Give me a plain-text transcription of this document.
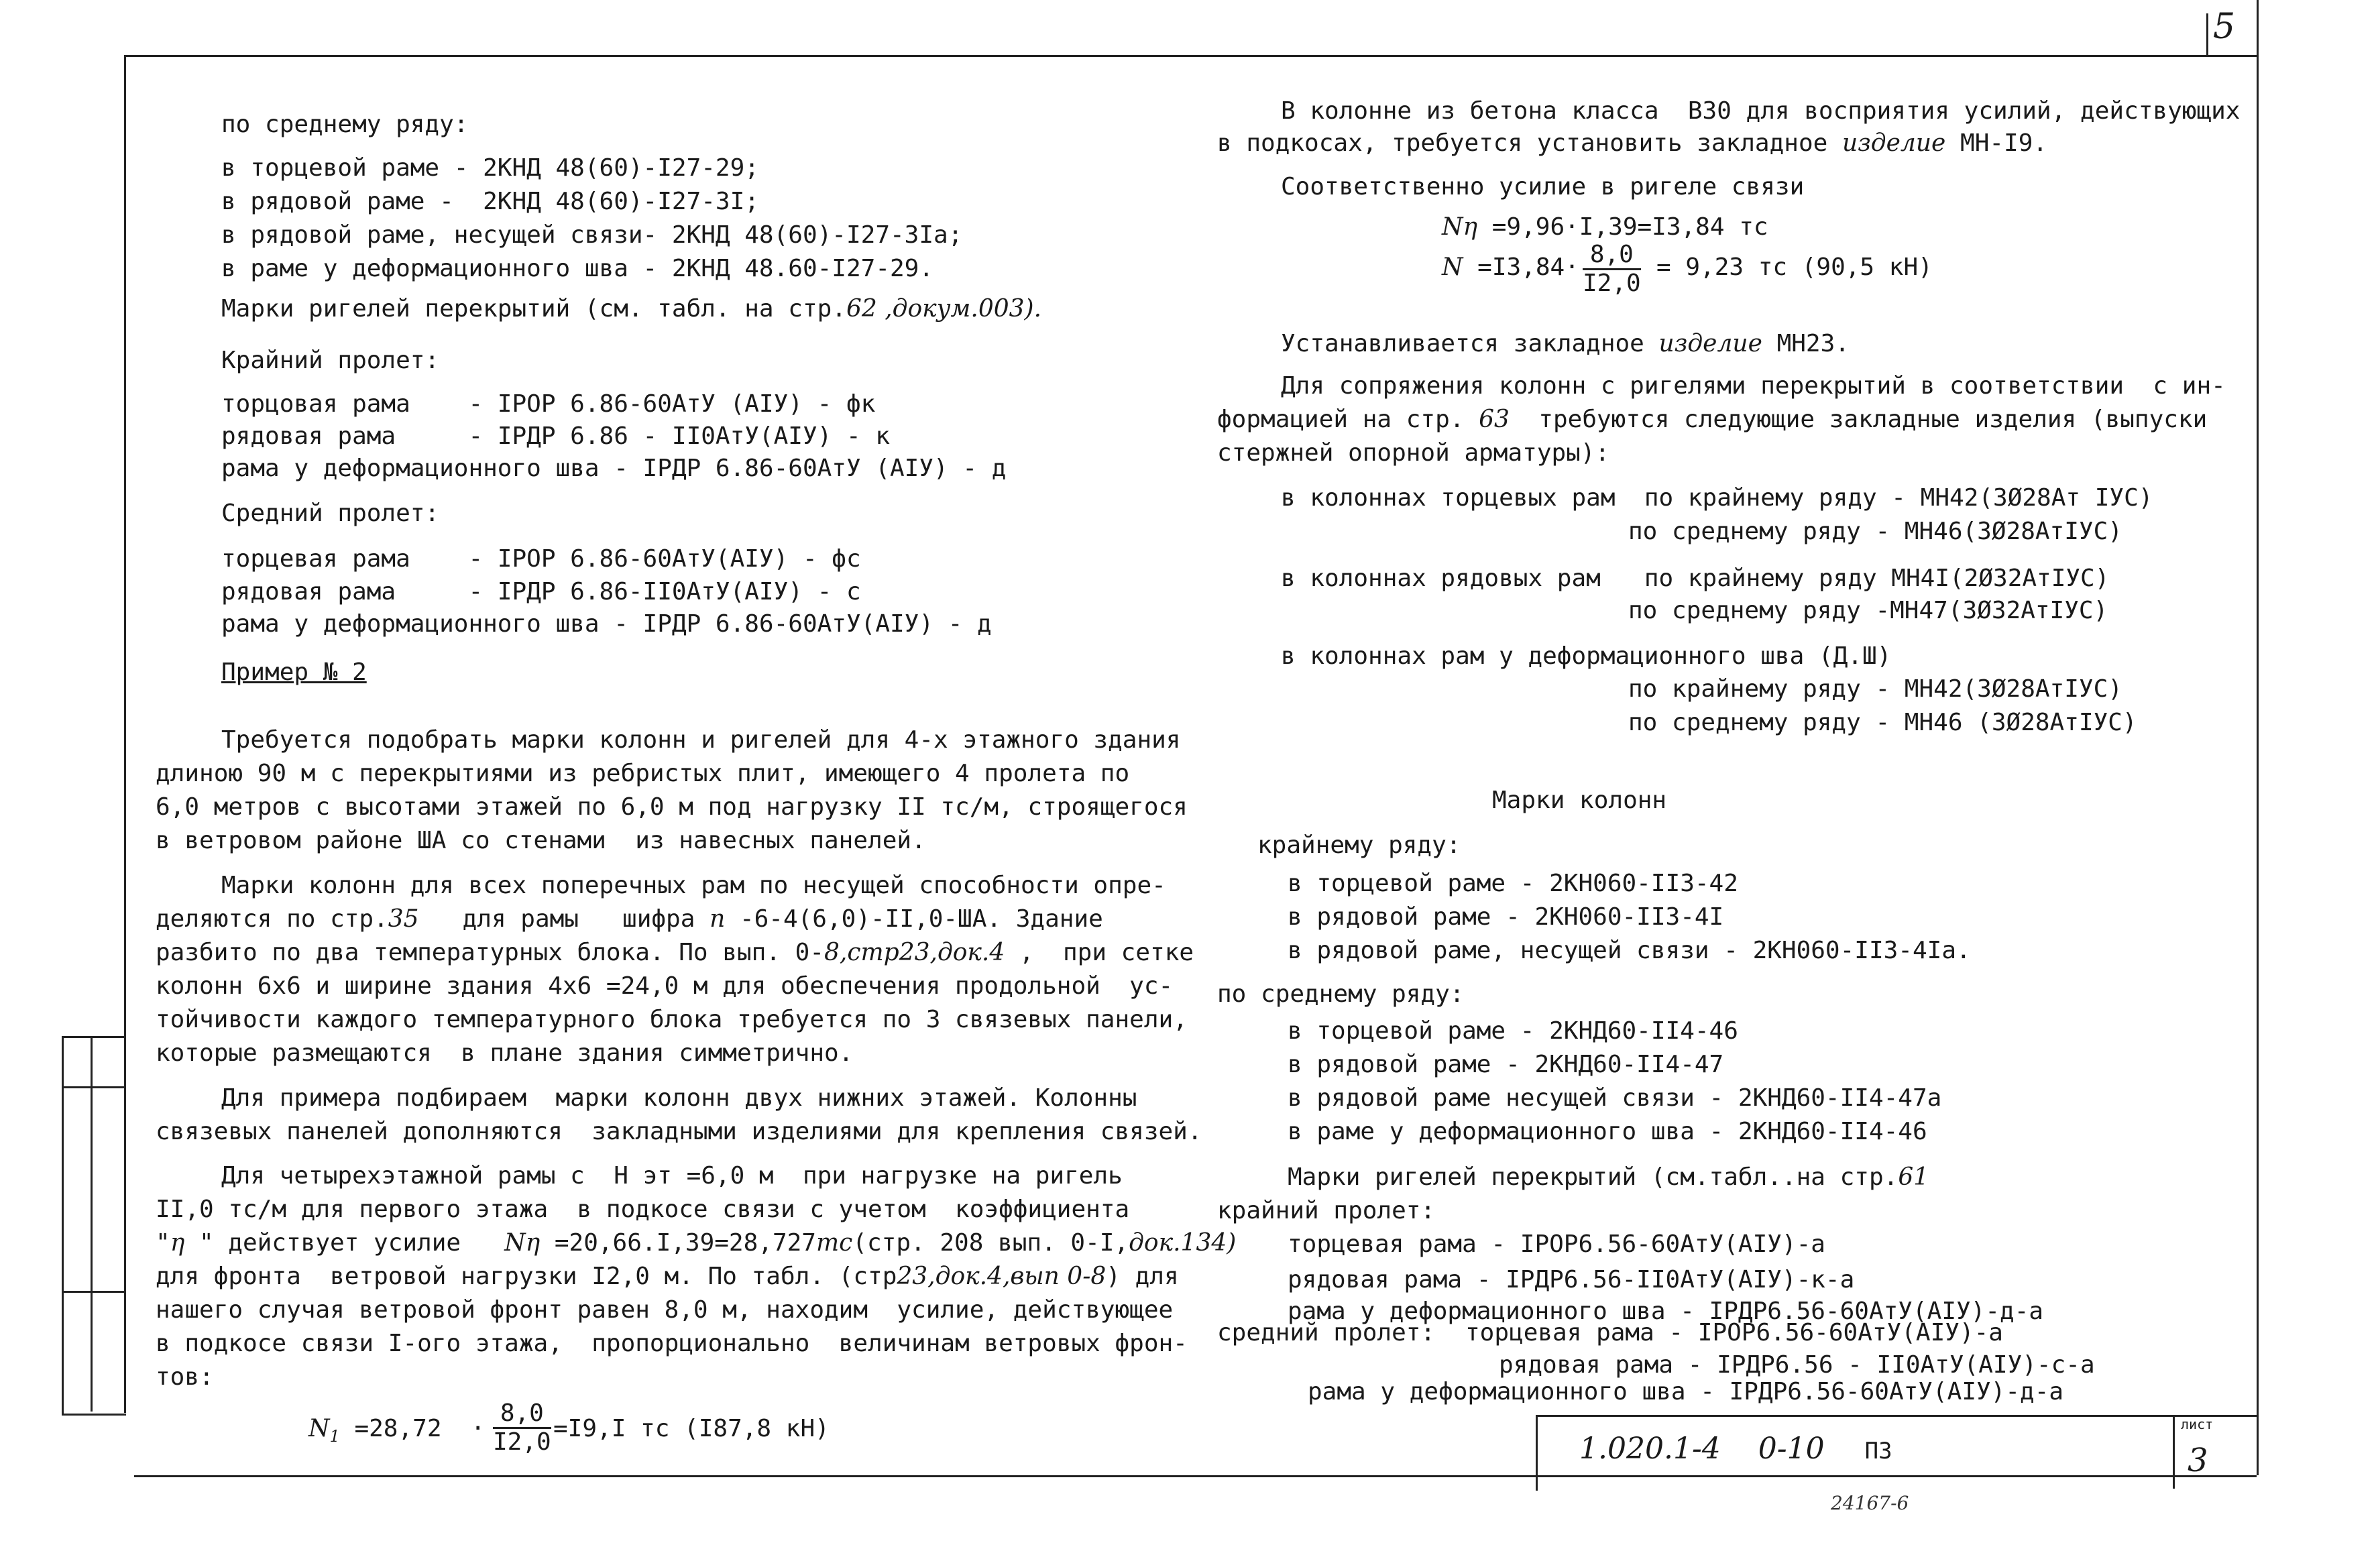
5
по среднему ряду:
в торцевой раме - 2КНД 48(60)-I27-29;
в рядовой раме -  2КНД 48(60)-I27-3I;
в рядовой раме, несущей связи- 2КНД 48(60)-I27-3Iа;
в раме у деформационного шва - 2КНД 48.60-I27-29.
Марки ригелей перекрытий (см. табл. на стр.62 ,докум.003).
Крайний пролет:
торцовая рама    - IРОР 6.86-60АтУ (АIУ) - фк
рядовая рама     - IРДР 6.86 - II0АтУ(АIУ) - к
рама у деформационного шва - IРДР 6.86-60АтУ (АIУ) - д
Средний пролет:
торцевая рама    - IРОР 6.86-60АтУ(АIУ) - фс
рядовая рама     - IРДР 6.86-II0АтУ(АIУ) - с
рама у деформационного шва - IРДР 6.86-60АтУ(АIУ) - д
Пример № 2
Требуется подобрать марки колонн и ригелей для 4-х этажного здания
длиною 90 м с перекрытиями из ребристых плит, имеющего 4 пролета по
6,0 метров с высотами этажей по 6,0 м под нагрузку II тс/м, строящегося
в ветровом районе ША со стенами  из навесных панелей.
Марки колонн для всех поперечных рам по несущей способности опре-
деляются по стр.35   для рамы   шифра п -6-4(6,0)-II,0-ША. Здание
разбито по два температурных блока. По вып. 0-8,стр23,док.4 ,  при сетке
колонн 6х6 и ширине здания 4х6 =24,0 м для обеспечения продольной  ус-
тойчивости каждого температурного блока требуется по 3 связевых панели,
которые размещаются  в плане здания симметрично.
Для примера подбираем  марки колонн двух нижних этажей. Колонны
связевых панелей дополняются  закладными изделиями для крепления связей.
Для четырехэтажной рамы с  Н эт =6,0 м  при нагрузке на ригель
II,0 тс/м для первого этажа  в подкосе связи с учетом  коэффициента
"η " действует усилие   Nη =20,66.I,39=28,727тс(стр. 208 вып. 0-I,док.134)
для фронта  ветровой нагрузки I2,0 м. По табл. (стр23,док.4,вып 0-8) для
нашего случая ветровой фронт равен 8,0 м, находим  усилие, действующее
в подкосе связи I-ого этажа,  пропорционально  величинам ветровых фрон-
тов:
$N_1 =28,72 \cdot \frac{8,0}{I2,0} =I9,I$ тс (I87,8 кН)
В колонне из бетона класса  В30 для восприятия усилий, действующих
в подкосах, требуется установить закладное изделие МН-I9.
Соответственно усилие в ригеле связи
Nη =9,96·I,39=I3,84 тс
$N =I3,84\cdot \frac{8,0}{I2,0} = 9,23$ тс (90,5 кН)
Устанавливается закладное изделие МН23.
Для сопряжения колонн с ригелями перекрытий в соответствии  с ин-
формацией на стр. 63  требуются следующие закладные изделия (выпуски
стержней опорной арматуры):
в колоннах торцевых рам  по крайнему ряду - МН42(3Ø28Ат IУС)
по среднему ряду - МН46(3Ø28АтIУС)
в колоннах рядовых рам   по крайнему ряду МН4I(2Ø32АтIУС)
по среднему ряду -МН47(3Ø32АтIУС)
в колоннах рам у деформационного шва (Д.Ш)
по крайнему ряду - МН42(3Ø28АтIУС)
по среднему ряду - МН46 (3Ø28АтIУС)
Марки колонн
крайнему ряду:
в торцевой раме - 2КН060-II3-42
в рядовой раме - 2КН060-II3-4I
в рядовой раме, несущей связи - 2КН060-II3-4Iа.
по среднему ряду:
в торцевой раме - 2КНД60-II4-46
в рядовой раме - 2КНД60-II4-47
в рядовой раме несущей связи - 2КНД60-II4-47а
в раме у деформационного шва - 2КНД60-II4-46
Марки ригелей перекрытий (см.табл..на стр.61
крайний пролет:
торцевая рама - IРОР6.56-60АтУ(АIУ)-а
рядовая рама - IРДР6.56-II0АтУ(АIУ)-к-а
рама у деформационного шва - IРДР6.56-60АтУ(АIУ)-д-а
средний пролет: торцевая рама - IРОР6.56-60АтУ(АIУ)-а
рядовая рама - IРДР6.56 - II0АтУ(АIУ)-с-а
рама у деформационного шва - IРДР6.56-60АтУ(АIУ)-д-а
1.020.1-4    0-10 ПЗ
лист
3
24167-6
